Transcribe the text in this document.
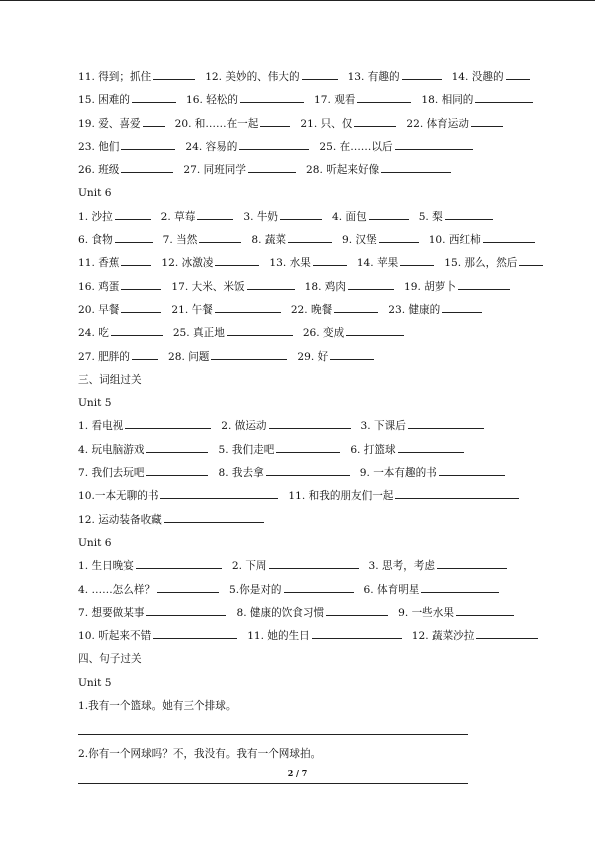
11. 得到；抓住	12. 美妙的、伟大的	13. 有趣的	14. 没趣的
15. 困难的	16. 轻松的	17. 观看	18. 相同的
19. 爱、喜爱	20. 和……在一起	21. 只、仅	22. 体育运动
23. 他们	24. 容易的	25. 在……以后
26. 班级	27. 同班同学	28. 听起来好像
Unit 6
1. 沙拉	2. 草莓	3. 牛奶	4. 面包	5. 梨
6. 食物	7. 当然	8. 蔬菜	9. 汉堡	10. 西红柿
11. 香蕉	12. 冰激凌	13. 水果	14. 苹果	15. 那么，然后
16. 鸡蛋	17. 大米、米饭	18. 鸡肉	19. 胡萝卜
20. 早餐	21. 午餐	22. 晚餐	23. 健康的
24. 吃	25. 真正地	26. 变成
27. 肥胖的	28. 问题	29. 好
三、词组过关
Unit 5
1. 看电视	2. 做运动	3. 下课后
4. 玩电脑游戏	5. 我们走吧	6. 打篮球
7. 我们去玩吧	8. 我去拿	9. 一本有趣的书
10.一本无聊的书	11. 和我的朋友们一起
12. 运动装备收藏
Unit 6
1. 生日晚宴	2. 下周	3. 思考，考虑
4. ……怎么样？	5.你是对的	6. 体育明星
7. 想要做某事	8. 健康的饮食习惯	9. 一些水果
10. 听起来不错	11. 她的生日	12. 蔬菜沙拉
四、句子过关
Unit 5
1.我有一个篮球。她有三个排球。
2.你有一个网球吗？不，我没有。我有一个网球拍。
2 / 7
